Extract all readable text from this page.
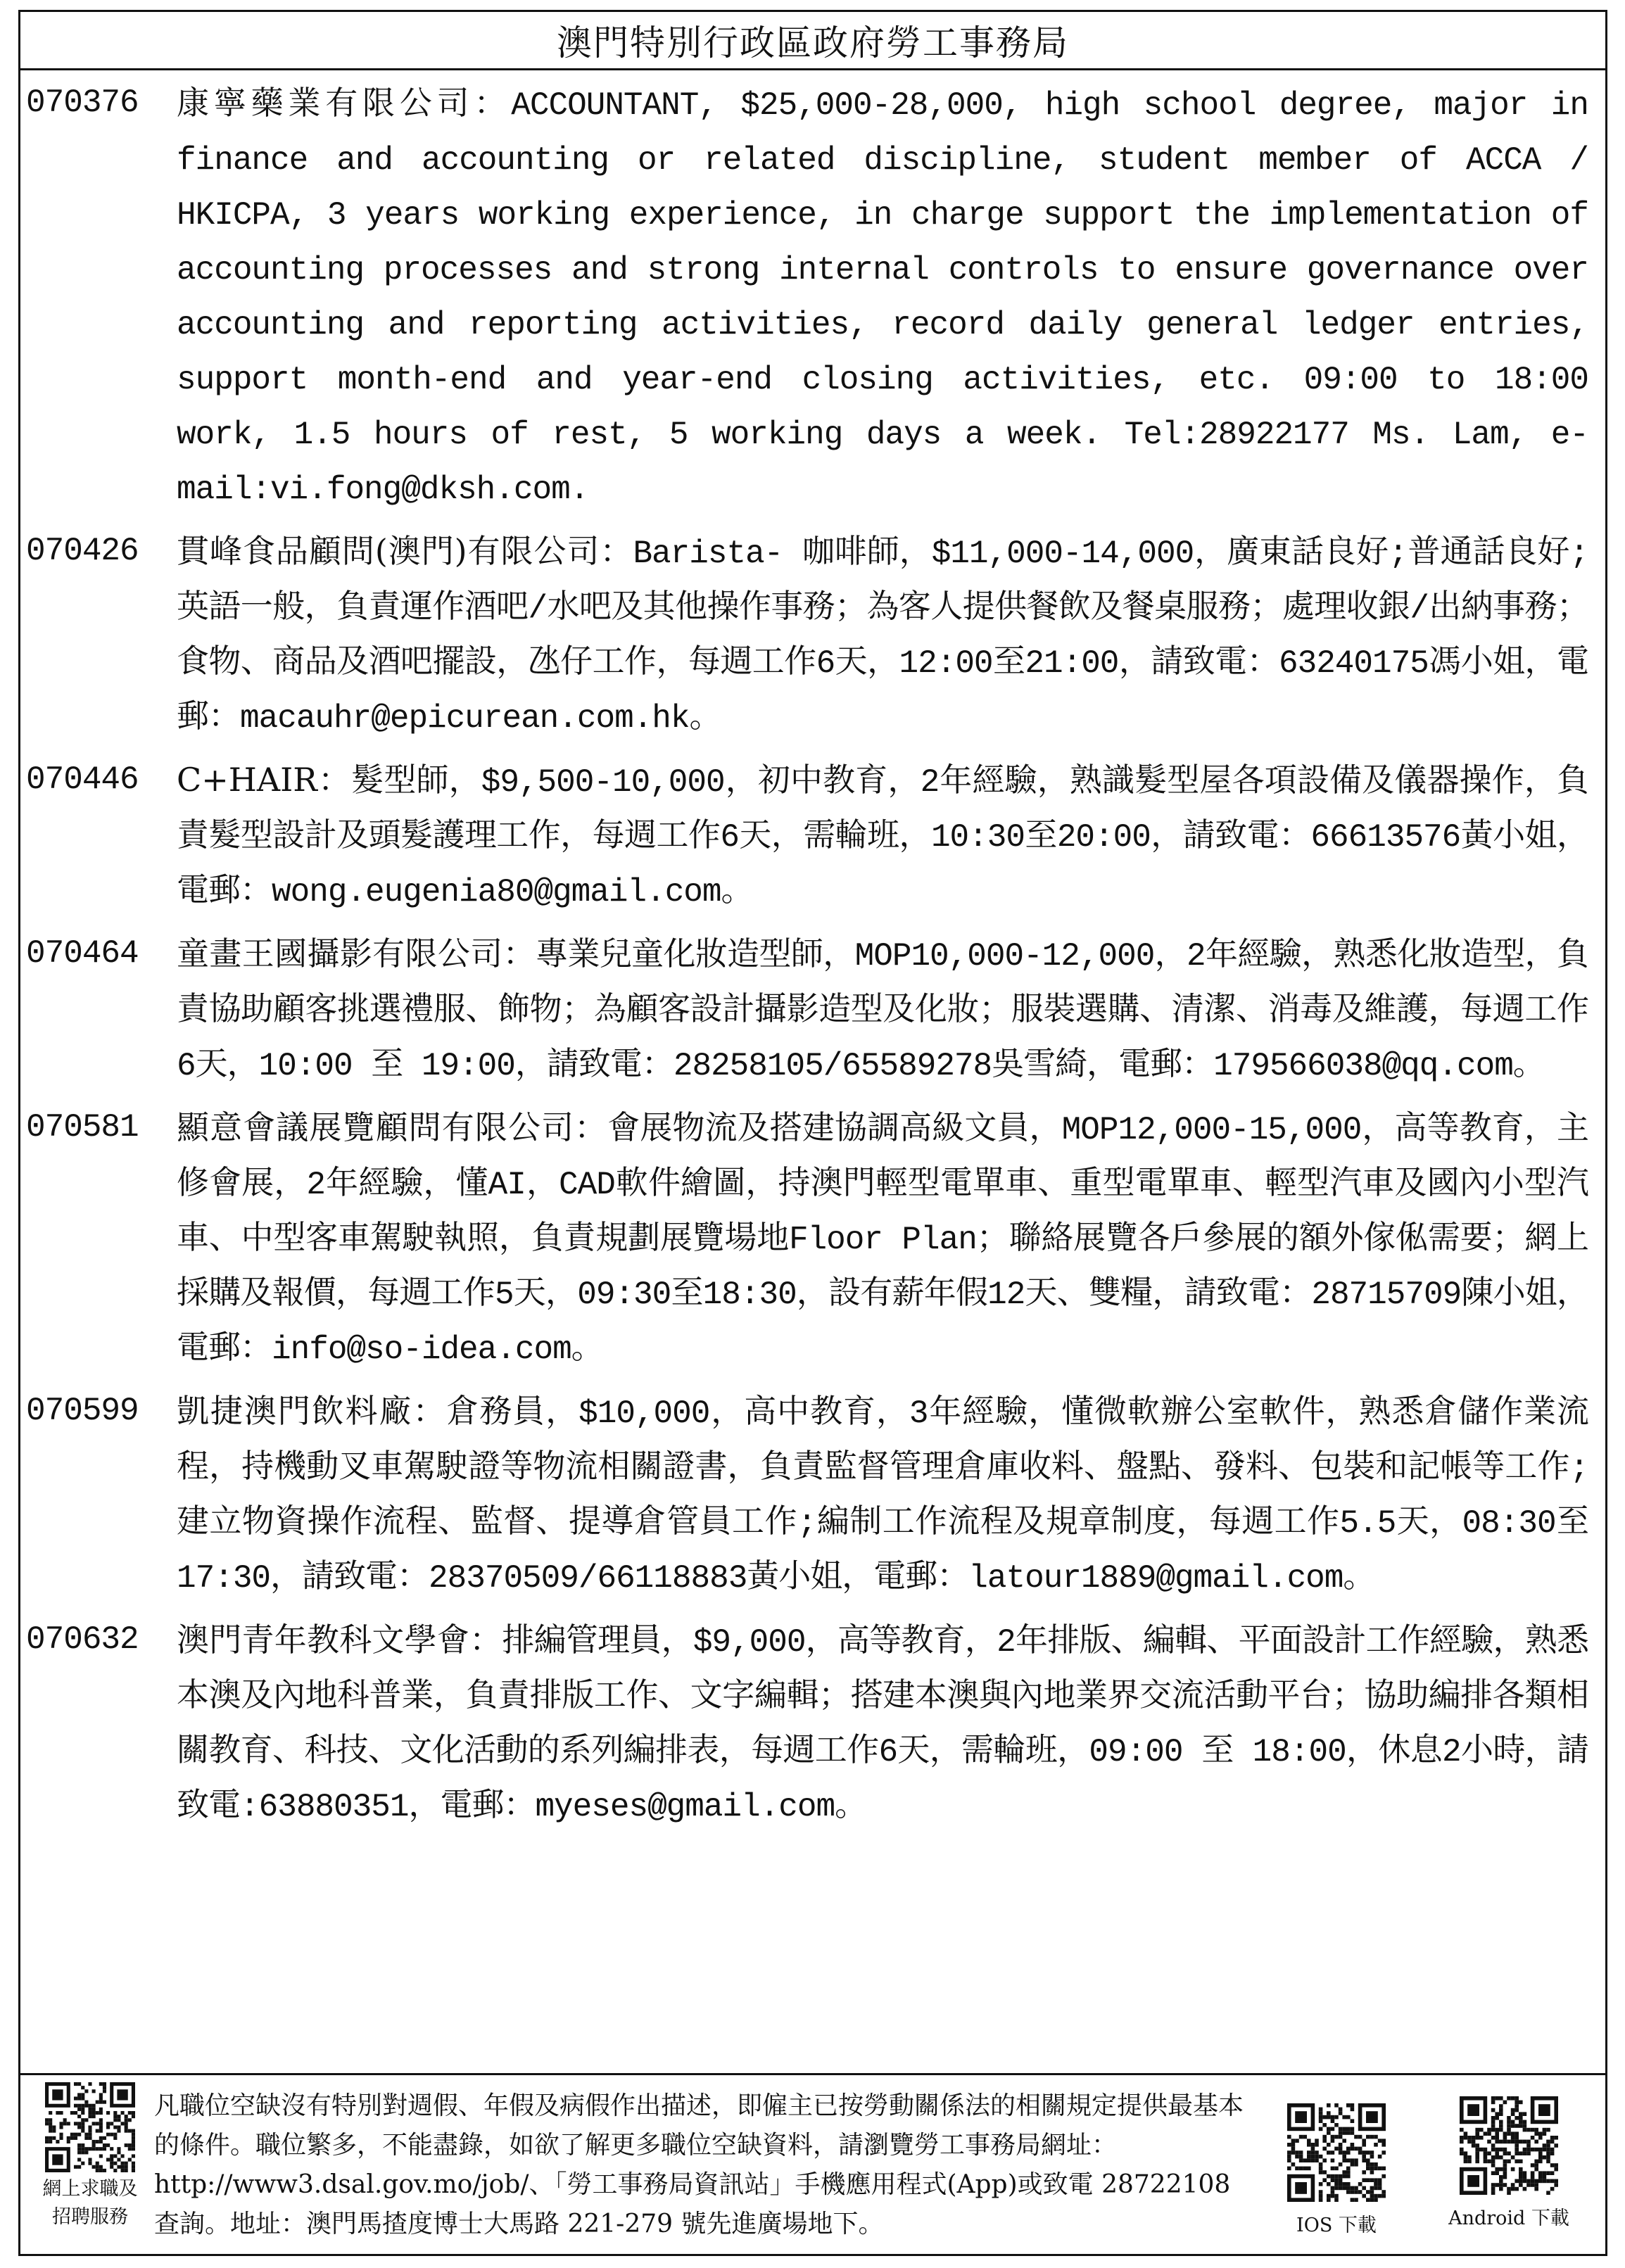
澳門特別行政區政府勞工事務局
070376	康寧藥業有限公司：ACCOUNTANT, $25,000-28,000, high school degree, major in finance and accounting or related discipline, student member of ACCA / HKICPA, 3 years working experience, in charge support the implementation of accounting processes and strong internal controls to ensure governance over accounting and reporting activities, record daily general ledger entries, support month-end and year-end closing activities, etc. 09:00 to 18:00 work, 1.5 hours of rest, 5 working days a week. Tel:28922177 Ms. Lam, e-mail:vi.fong@dksh.com.
070426	貫峰食品顧問(澳門)有限公司：Barista- 咖啡師，$11,000-14,000，廣東話良好;普通話良好;英語一般，負責運作酒吧/水吧及其他操作事務；為客人提供餐飲及餐桌服務；處理收銀/出納事務；食物、商品及酒吧擺設，氹仔工作，每週工作6天，12:00至21:00，請致電：63240175馮小姐，電郵：macauhr@epicurean.com.hk。
070446	C+HAIR：髮型師，$9,500-10,000，初中教育，2年經驗，熟識髮型屋各項設備及儀器操作，負責髮型設計及頭髮護理工作，每週工作6天，需輪班，10:30至20:00，請致電：66613576黃小姐，電郵：wong.eugenia80@gmail.com。
070464	童畫王國攝影有限公司：專業兒童化妝造型師，MOP10,000-12,000，2年經驗，熟悉化妝造型，負責協助顧客挑選禮服、飾物；為顧客設計攝影造型及化妝；服裝選購、清潔、消毒及維護，每週工作6天，10:00 至 19:00，請致電：28258105/65589278吳雪綺，電郵：179566038@qq.com。
070581	顯意會議展覽顧問有限公司：會展物流及搭建協調高級文員，MOP12,000-15,000，高等教育，主修會展，2年經驗，懂AI，CAD軟件繪圖，持澳門輕型電單車、重型電單車、輕型汽車及國內小型汽車、中型客車駕駛執照，負責規劃展覽場地Floor Plan；聯絡展覽各戶參展的額外傢俬需要；網上採購及報價，每週工作5天，09:30至18:30，設有薪年假12天、雙糧，請致電：28715709陳小姐，電郵：info@so-idea.com。
070599	凱捷澳門飲料廠：倉務員，$10,000，高中教育，3年經驗，懂微軟辦公室軟件，熟悉倉儲作業流程，持機動叉車駕駛證等物流相關證書，負責監督管理倉庫收料、盤點、發料、包裝和記帳等工作;建立物資操作流程、監督、提導倉管員工作;編制工作流程及規章制度，每週工作5.5天，08:30至17:30，請致電：28370509/66118883黃小姐，電郵：latour1889@gmail.com。
070632	澳門青年教科文學會：排編管理員，$9,000，高等教育，2年排版、編輯、平面設計工作經驗，熟悉本澳及內地科普業，負責排版工作、文字編輯；搭建本澳與內地業界交流活動平台；協助編排各類相關教育、科技、文化活動的系列編排表，每週工作6天，需輪班，09:00 至 18:00，休息2小時，請致電:63880351，電郵：myeses@gmail.com。
網上求職及
招聘服務
凡職位空缺沒有特別對週假、年假及病假作出描述，即僱主已按勞動關係法的相關規定提供最基本的條件。職位繁多，不能盡錄，如欲了解更多職位空缺資料，請瀏覽勞工事務局網址：http://www3.dsal.gov.mo/job/、「勞工事務局資訊站」手機應用程式(App)或致電 28722108 查詢。地址：澳門馬揸度博士大馬路 221-279 號先進廣場地下。	IOS 下載	Android 下載
